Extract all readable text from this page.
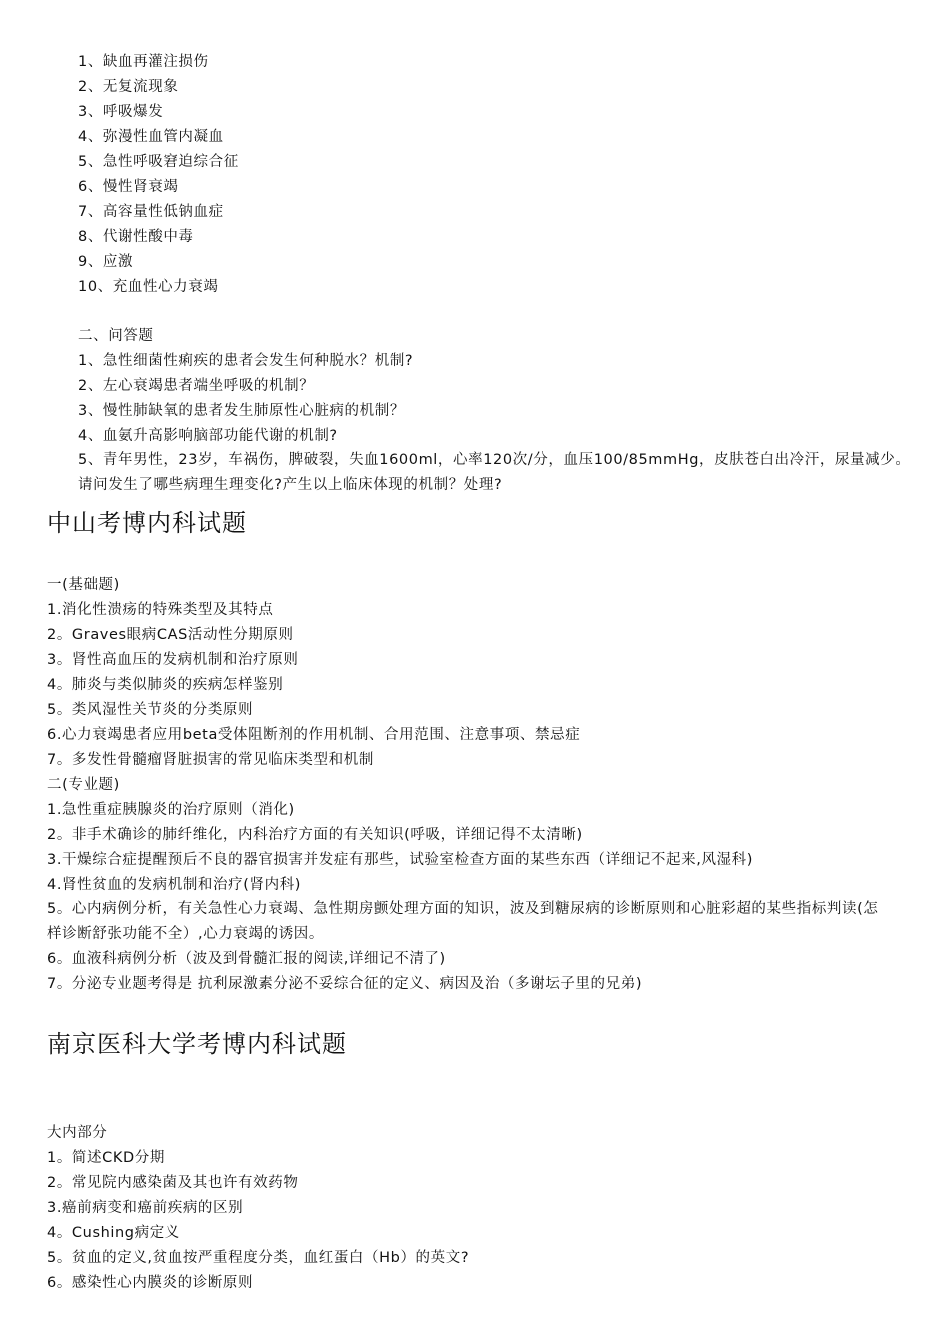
1、缺血再灌注损伤
2、无复流现象
3、呼吸爆发
4、弥漫性血管内凝血
5、急性呼吸窘迫综合征
6、慢性肾衰竭
7、高容量性低钠血症
8、代谢性酸中毒
9、应激
10、充血性心力衰竭
二、问答题
1、急性细菌性痢疾的患者会发生何种脱水？机制?
2、左心衰竭患者端坐呼吸的机制？
3、慢性肺缺氧的患者发生肺原性心脏病的机制？
4、血氨升高影响脑部功能代谢的机制?
5、青年男性，23岁，车祸伤，脾破裂，失血1600ml，心率120次/分，血压100/85mmHg，皮肤苍白出冷汗，尿量减少。请问发生了哪些病理生理变化?产生以上临床体现的机制？处理?
中山考博内科试题
一(基础题)
1.消化性溃疡的特殊类型及其特点
2。Graves眼病CAS活动性分期原则
3。肾性高血压的发病机制和治疗原则
4。肺炎与类似肺炎的疾病怎样鉴别
5。类风湿性关节炎的分类原则
6.心力衰竭患者应用beta受体阻断剂的作用机制、合用范围、注意事项、禁忌症
7。多发性骨髓瘤肾脏损害的常见临床类型和机制
二(专业题)
1.急性重症胰腺炎的治疗原则（消化)
2。非手术确诊的肺纤维化，内科治疗方面的有关知识(呼吸，详细记得不太清晰)
3.干燥综合症提醒预后不良的器官损害并发症有那些，试验室检查方面的某些东西（详细记不起来,风湿科)
4.肾性贫血的发病机制和治疗(肾内科)
5。心内病例分析，有关急性心力衰竭、急性期房颤处理方面的知识，波及到糖尿病的诊断原则和心脏彩超的某些指标判读(怎样诊断舒张功能不全）,心力衰竭的诱因。
6。血液科病例分析（波及到骨髓汇报的阅读,详细记不清了)
7。分泌专业题考得是 抗利尿激素分泌不妥综合征的定义、病因及治（多谢坛子里的兄弟)
南京医科大学考博内科试题
大内部分
1。简述CKD分期
2。常见院内感染菌及其也许有效药物
3.癌前病变和癌前疾病的区别
4。Cushing病定义
5。贫血的定义,贫血按严重程度分类，血红蛋白（Hb）的英文?
6。感染性心内膜炎的诊断原则
